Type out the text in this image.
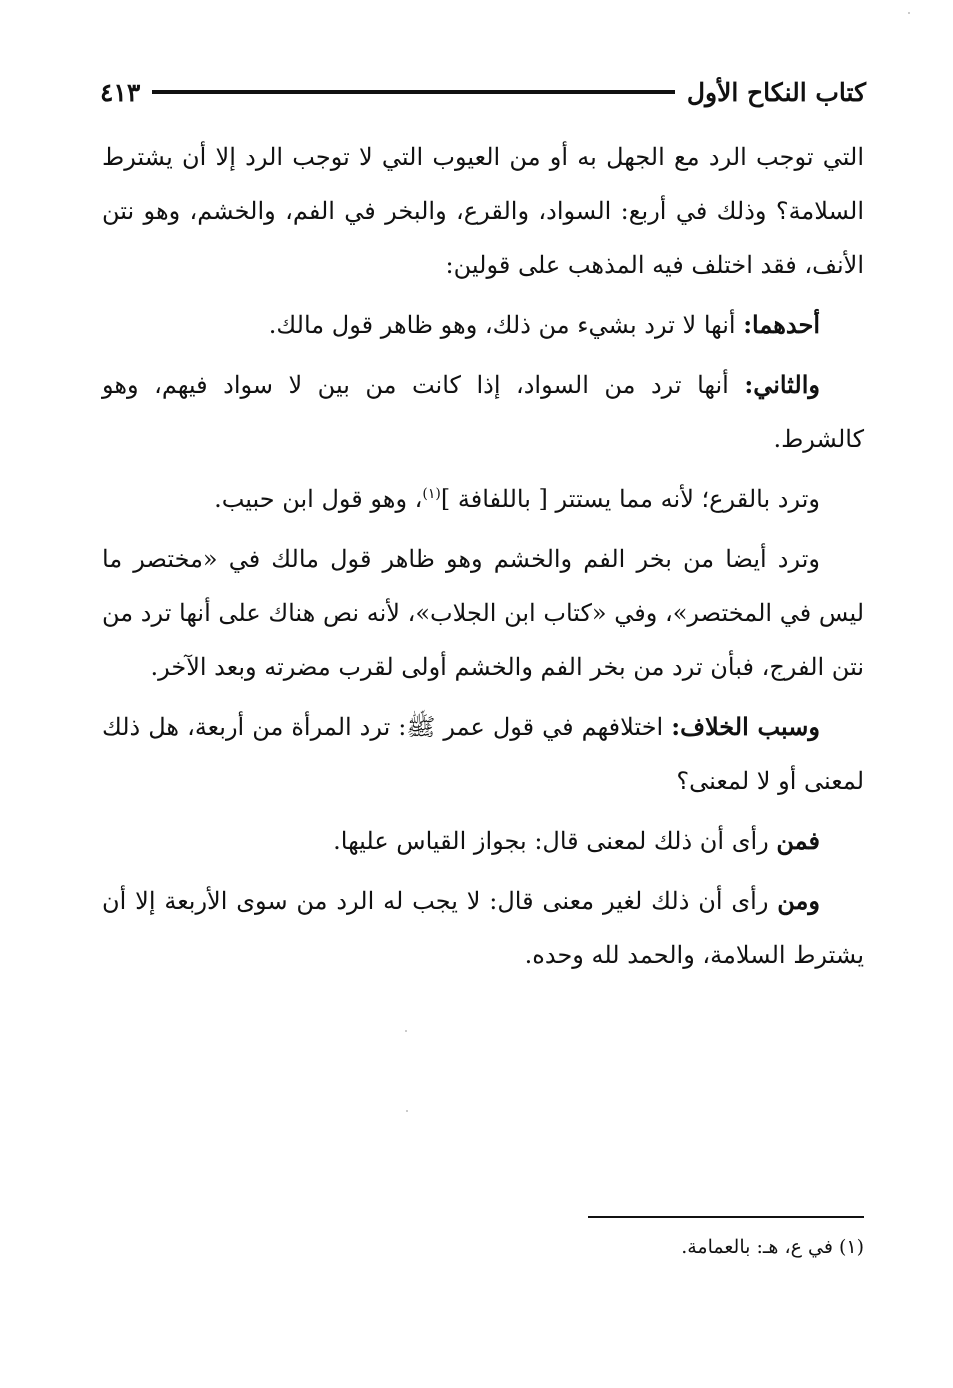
كتاب النكاح الأول
٤١٣

التي توجب الرد مع الجهل به أو من العيوب التي لا توجب الرد إلا أن يشترط السلامة؟ وذلك في أربع: السواد، والقرع، والبخر في الفم، والخشم، وهو نتن الأنف، فقد اختلف فيه المذهب على قولين:

أحدهما: أنها لا ترد بشيء من ذلك، وهو ظاهر قول مالك.

والثاني: أنها ترد من السواد، إذا كانت من بين لا سواد فيهم، وهو كالشرط.

وترد بالقرع؛ لأنه مما يستتر [ باللفافة ]$^{(١)}$، وهو قول ابن حبيب.

وترد أيضا من بخر الفم والخشم وهو ظاهر قول مالك في «مختصر ما ليس في المختصر»، وفي «كتاب ابن الجلاب»، لأنه نص هناك على أنها ترد من نتن الفرج، فبأن ترد من بخر الفم والخشم أولى لقرب مضرته وبعد الآخر.

وسبب الخلاف: اختلافهم في قول عمر ﷺ: ترد المرأة من أربعة، هل ذلك لمعنى أو لا لمعنى؟

فمن رأى أن ذلك لمعنى قال: بجواز القياس عليها.

ومن رأى أن ذلك لغير معنى قال: لا يجب له الرد من سوى الأربعة إلا أن يشترط السلامة، والحمد لله وحده.

(١) في ع، هـ: بالعمامة.
